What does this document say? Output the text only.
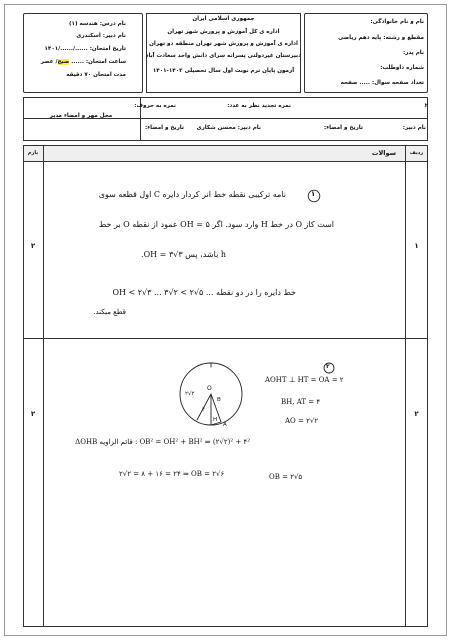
نام درس: هندسه (۱)
نام دبیر: اسکندری
تاریخ امتحان: ....../....../۱۴۰۱
ساعت امتحان: ...... صبح/ عصر
مدت امتحان ۷۰ دقیقه
جمهوری اسلامی ایران
اداره ی کل آموزش و پرورش شهر تهران
اداره ی آموزش و پرورش شهر تهران منطقه دو تهران
دبیرستان غیردولتی پسرانه سرای دانش واحد سعادت آباد
آزمون پایان ترم نوبت اول سال تحصیلی ۱۴۰۲-۱۴۰۱
نام و نام خانوادگی:
مقطع و رشته: پایه دهم ریاضی
نام پدر:
شماره داوطلب:
تعداد صفحه سوال: ..... صفحه
۲
نمره تجدید نظر به عدد:
نمره به حروف:
محل مهر و امضاء مدیر
نام دبیر:
تاریخ و امضاء:
نام دبیر: محسن شکاری
تاریخ و امضاء:
ردیف
سوالات
بارم
۱
۲
۲
۲
۱
نامه ترکیبی نقطه خط انر کردار دایره C اول قطعه سوی
است کاز O در خط H وارد سود. اگر OH = ۵ عمود از نقطه O بر خط
h باشد، پس ۳√۳ = OH.
خط دایره را در دو نقطه ... OH < ۲√۳ ... ۳√۲ < ۲√۵
قطع میکند.
۲
O
۲√۲
۴
H
A
B
AOHT ⊥ HT = OA = ۲
BH, AT = ۴
AO = ۲√۲
OB² = OH² + BH² ⇒ (۲√۲)² + ۴² : قائم الزاویه ΔOHB
۲√۲ = ۸ + ۱۶ = ۲۴ ⇒ OB = ۲√۶	OB = ۲√۵
